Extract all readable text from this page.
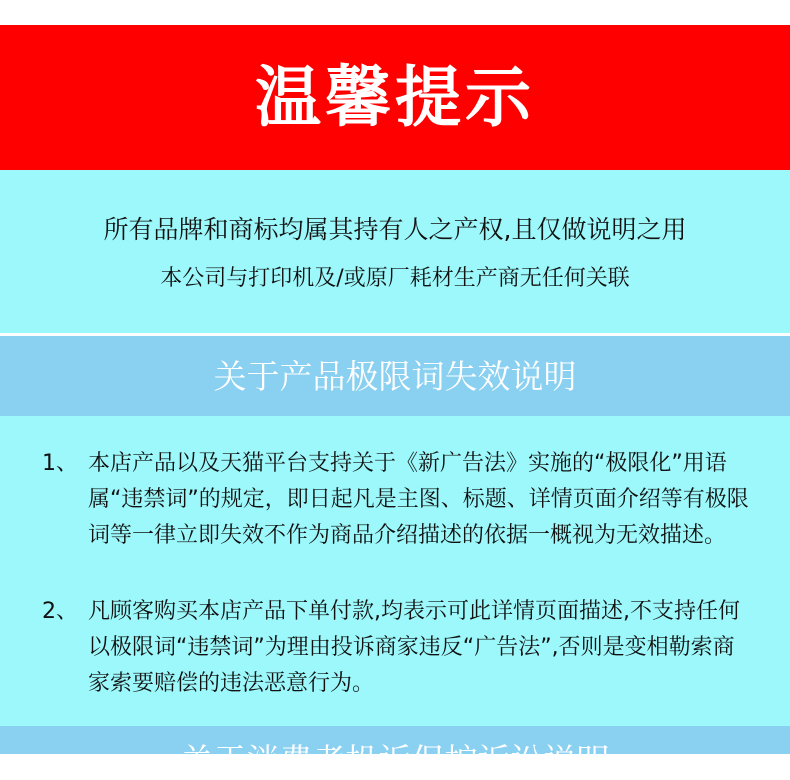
温馨提示
所有品牌和商标均属其持有人之产权,且仅做说明之用
本公司与打印机及/或原厂耗材生产商无任何关联
关于产品极限词失效说明
1、 本店产品以及天猫平台支持关于《新广告法》实施的“极限化”用语属“违禁词”的规定，即日起凡是主图、标题、详情页面介绍等有极限词等一律立即失效不作为商品介绍描述的依据一概视为无效描述。
2、 凡顾客购买本店产品下单付款,均表示可此详情页面描述,不支持任何以极限词“违禁词”为理由投诉商家违反“广告法”,否则是变相勒索商家索要赔偿的违法恶意行为。
关于消费者投诉保护诉讼说明
